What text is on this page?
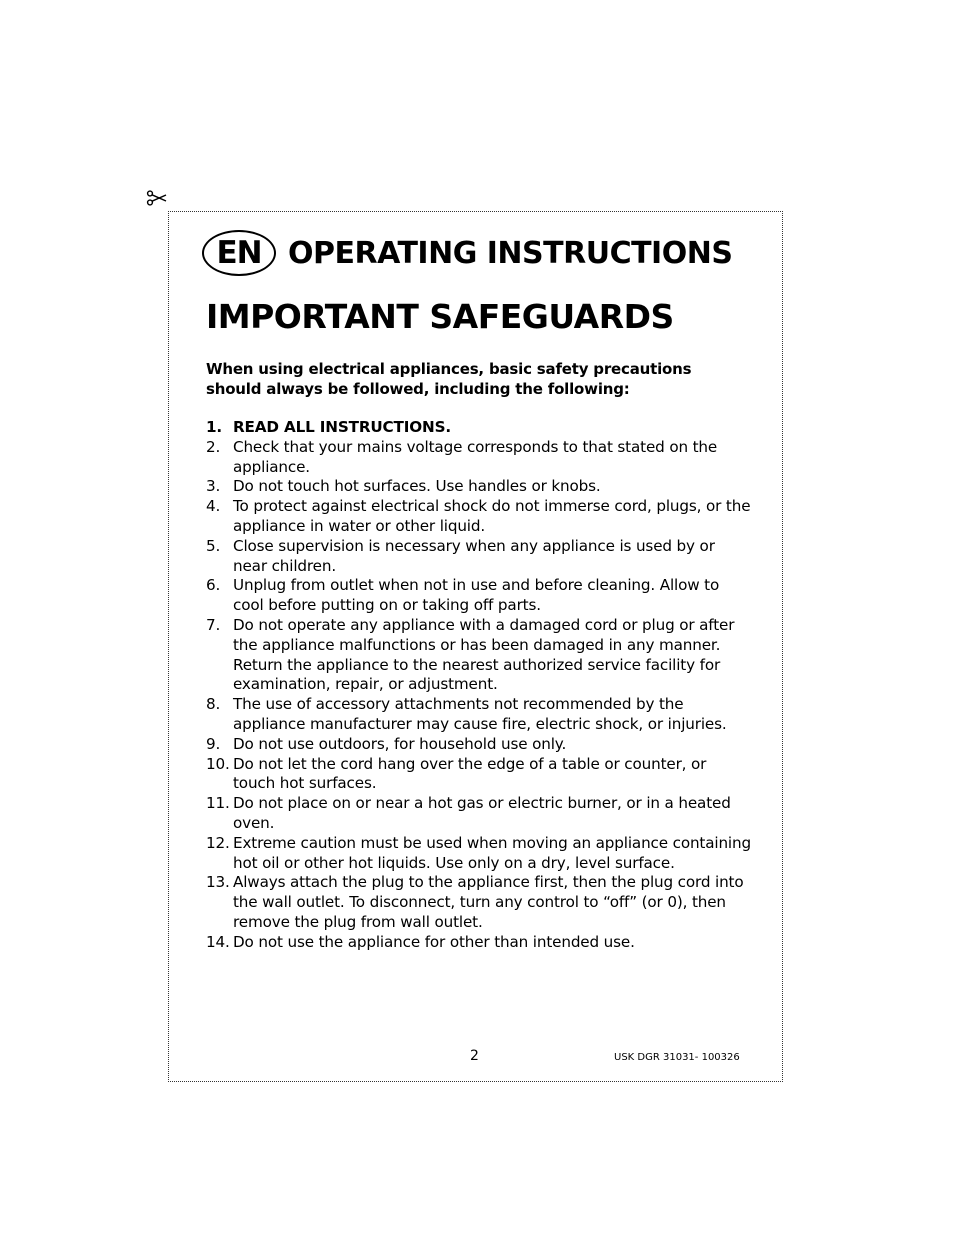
EN OPERATING INSTRUCTIONS
IMPORTANT SAFEGUARDS

When using electrical appliances, basic safety precautions should always be followed, including the following:

1. READ ALL INSTRUCTIONS.
2. Check that your mains voltage corresponds to that stated on the appliance.
3. Do not touch hot surfaces. Use handles or knobs.
4. To protect against electrical shock do not immerse cord, plugs, or the appliance in water or other liquid.
5. Close supervision is necessary when any appliance is used by or near children.
6. Unplug from outlet when not in use and before cleaning. Allow to cool before putting on or taking off parts.
7. Do not operate any appliance with a damaged cord or plug or after the appliance malfunctions or has been damaged in any manner. Return the appliance to the nearest authorized service facility for examination, repair, or adjustment.
8. The use of accessory attachments not recommended by the appliance manufacturer may cause fire, electric shock, or injuries.
9. Do not use outdoors, for household use only.
10. Do not let the cord hang over the edge of a table or counter, or touch hot surfaces.
11. Do not place on or near a hot gas or electric burner, or in a heated oven.
12. Extreme caution must be used when moving an appliance containing hot oil or other hot liquids. Use only on a dry, level surface.
13. Always attach the plug to the appliance first, then the plug cord into the wall outlet. To disconnect, turn any control to “off” (or 0), then remove the plug from wall outlet.
14. Do not use the appliance for other than intended use.
2	USK DGR 31031- 100326
